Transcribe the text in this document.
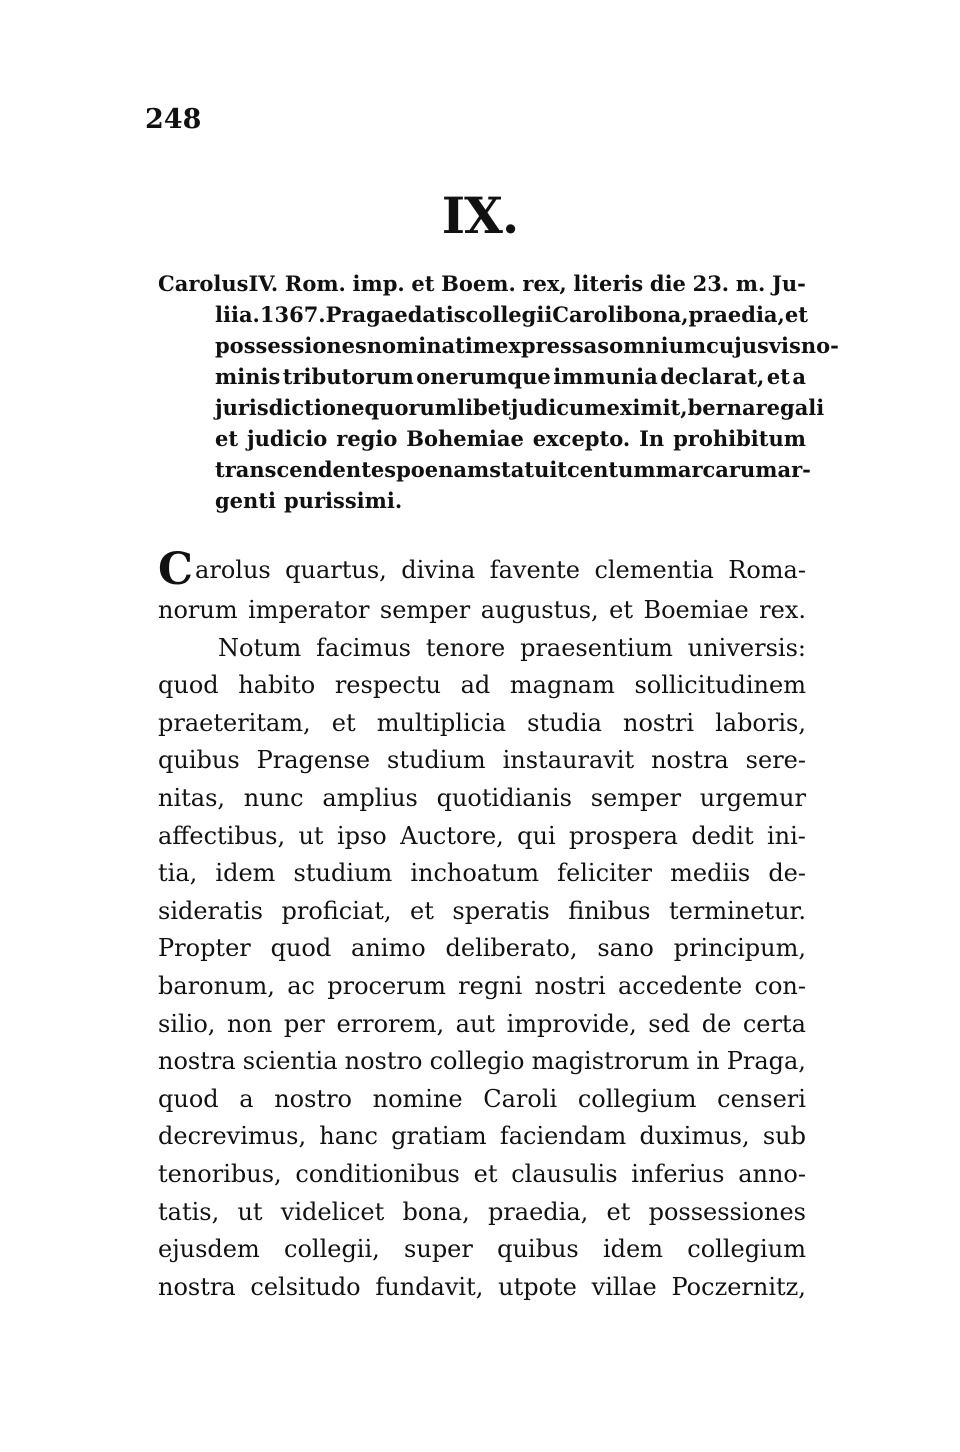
248
IX.
CarolusIV. Rom. imp. et Boem. rex, literis die 23. m. Ju-
lii a. 1367. Pragae datis collegii Caroli bona, praedia, et
possessiones nominatim expressas omnium cujusvis no-
minis tributorum onerumque immunia declarat, et a
jurisdictione quorumlibet judicum eximit, berna regali
et judicio regio Bohemiae excepto. In prohibitum
transcendentes poenam statuit centum marcarum ar-
genti purissimi.
C arolus quartus, divina favente clementia Roma-
norum imperator semper augustus, et Boemiae rex.
Notum facimus tenore praesentium universis:
quod habito respectu ad magnam sollicitudinem
praeteritam, et multiplicia studia nostri laboris,
quibus Pragense studium instauravit nostra sere-
nitas, nunc amplius quotidianis semper urgemur
affectibus, ut ipso Auctore, qui prospera dedit ini-
tia, idem studium inchoatum feliciter mediis de-
sideratis proficiat, et speratis finibus terminetur.
Propter quod animo deliberato, sano principum,
baronum, ac procerum regni nostri accedente con-
silio, non per errorem, aut improvide, sed de certa
nostra scientia nostro collegio magistrorum in Praga,
quod a nostro nomine Caroli collegium censeri
decrevimus, hanc gratiam faciendam duximus, sub
tenoribus, conditionibus et clausulis inferius anno-
tatis, ut videlicet bona, praedia, et possessiones
ejusdem collegii, super quibus idem collegium
nostra celsitudo fundavit, utpote villae Poczernitz,
